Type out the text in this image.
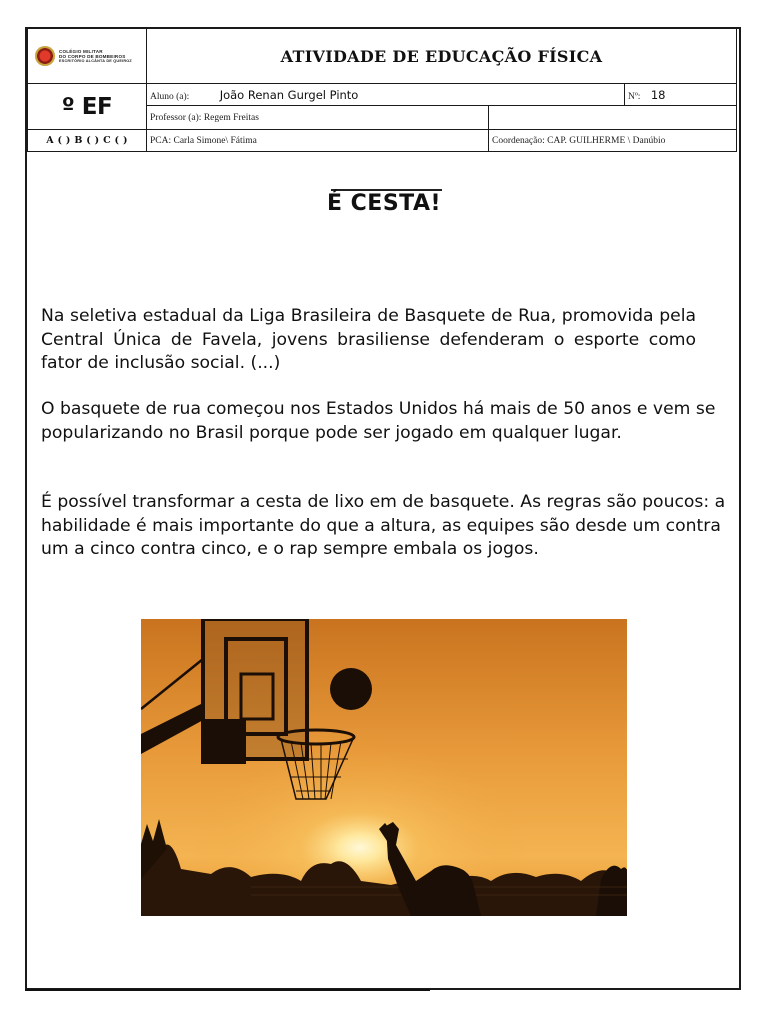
COLÉGIO MILITAR
DO CORPO DE BOMBEIROS
ESCRITÓRIO ALCÂNTA DE QUEIROZ	ATIVIDADE DE EDUCAÇÃO FÍSICA		
º EF	Aluno (a): João Renan Gurgel Pinto		Nº: 18
	Professor (a): Regem Freitas		
A ( ) B ( ) C ( )	PCA: Carla Simone\ Fátima	Coordenação: CAP. GUILHERME \ Danúbio	
É CESTA!

Na seletiva estadual da Liga Brasileira de Basquete de Rua, promovida pela Central Única de Favela, jovens brasiliense defenderam o esporte como fator de inclusão social. (...)

O basquete de rua começou nos Estados Unidos há mais de 50 anos e vem se popularizando no Brasil porque pode ser jogado em qualquer lugar.

É possível transformar a cesta de lixo em de basquete. As regras são poucos: a habilidade é mais importante do que a altura, as equipes são desde um contra um a cinco contra cinco, e o rap sempre embala os jogos.
